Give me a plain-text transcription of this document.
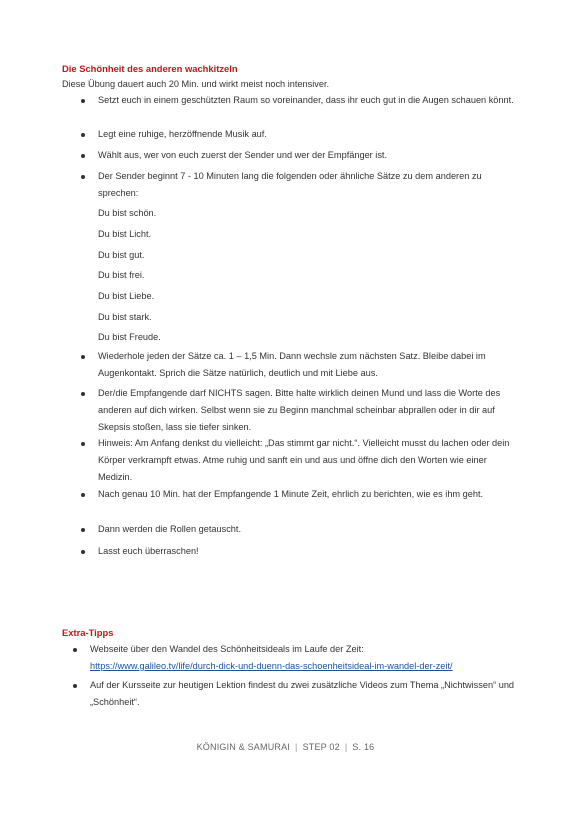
Die Schönheit des anderen wachkitzeln
Diese Übung dauert auch 20 Min. und wirkt meist noch intensiver.
Setzt euch in einem geschützten Raum so voreinander, dass ihr euch gut in die Augen schauen könnt.
Legt eine ruhige, herzöffnende Musik auf.
Wählt aus, wer von euch zuerst der Sender und wer der Empfänger ist.
Der Sender beginnt 7 - 10 Minuten lang die folgenden oder ähnliche Sätze zu dem anderen zu sprechen:
Du bist schön.
Du bist Licht.
Du bist gut.
Du bist frei.
Du bist Liebe.
Du bist stark.
Du bist Freude.
Wiederhole jeden der Sätze ca. 1 – 1,5 Min. Dann wechsle zum nächsten Satz. Bleibe dabei im Augenkontakt. Sprich die Sätze natürlich, deutlich und mit Liebe aus.
Der/die Empfangende darf NICHTS sagen. Bitte halte wirklich deinen Mund und lass die Worte des anderen auf dich wirken. Selbst wenn sie zu Beginn manchmal scheinbar abprallen oder in dir auf Skepsis stoßen, lass sie tiefer sinken.
Hinweis: Am Anfang denkst du vielleicht: „Das stimmt gar nicht.“. Vielleicht musst du lachen oder dein Körper verkrampft etwas. Atme ruhig und sanft ein und aus und öffne dich den Worten wie einer Medizin.
Nach genau 10 Min. hat der Empfangende 1 Minute Zeit, ehrlich zu berichten, wie es ihm geht.
Dann werden die Rollen getauscht.
Lasst euch überraschen!
Extra-Tipps
Webseite über den Wandel des Schönheitsideals im Laufe der Zeit:
https://www.galileo.tv/life/durch-dick-und-duenn-das-schoenheitsideal-im-wandel-der-zeit/
Auf der Kursseite zur heutigen Lektion findest du zwei zusätzliche Videos zum Thema „Nichtwissen“ und „Schönheit“.
KÖNIGIN & SAMURAI | STEP 02 | S. 16
